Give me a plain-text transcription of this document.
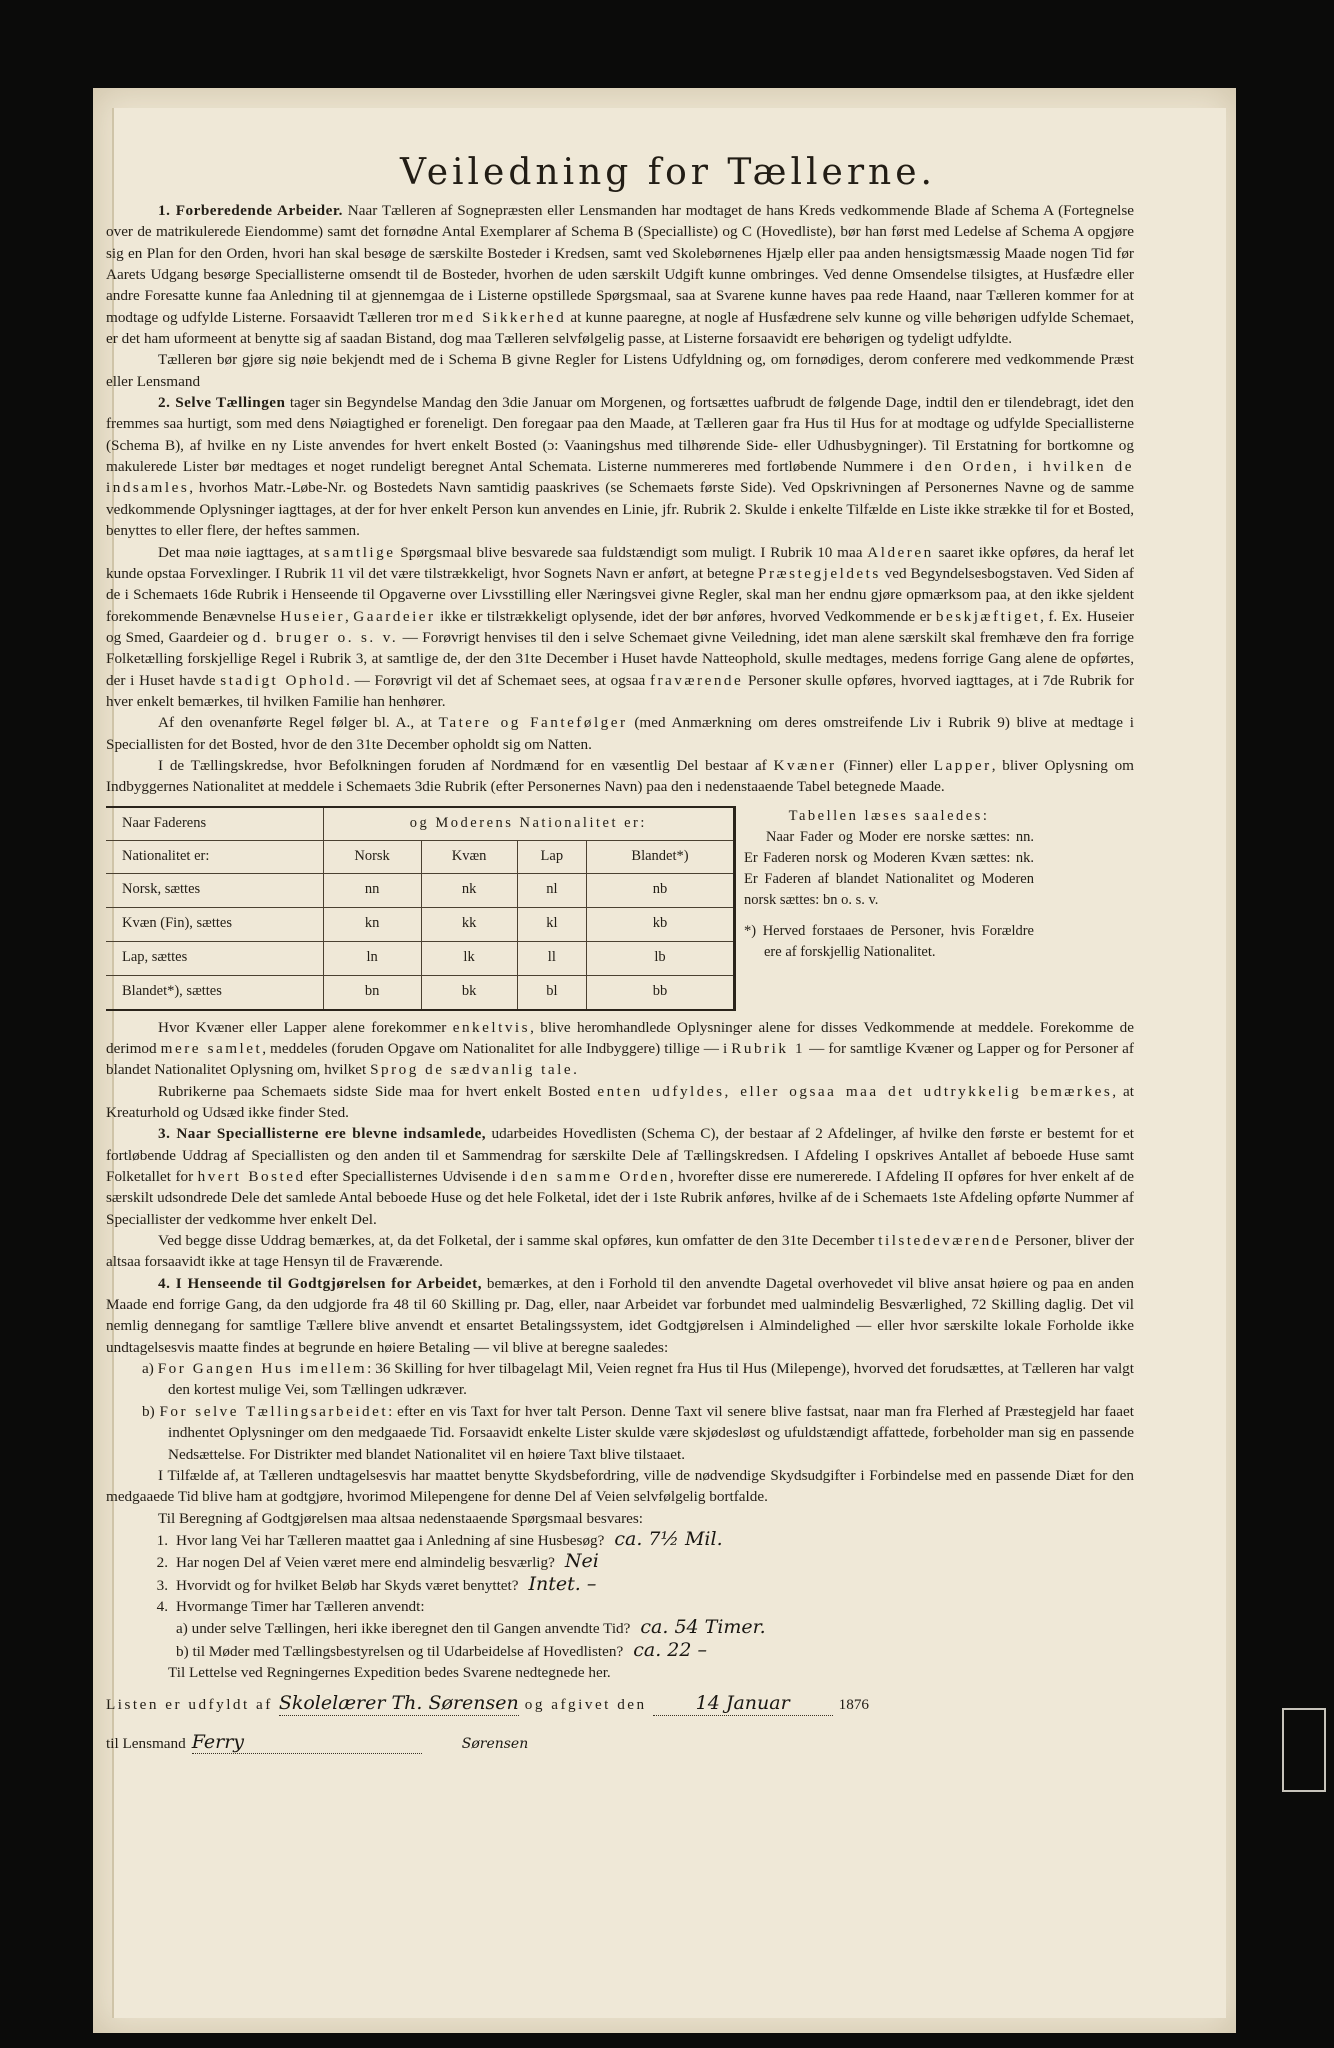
Veiledning for Tællerne.

1. Forberedende Arbeider. Naar Tælleren af Sognepræsten eller Lensmanden har modtaget de hans Kreds vedkommende Blade af Schema A (Fortegnelse over de matrikulerede Eiendomme) samt det fornødne Antal Exemplarer af Schema B (Specialliste) og C (Hovedliste), bør han først med Ledelse af Schema A opgjøre sig en Plan for den Orden, hvori han skal besøge de særskilte Bosteder i Kredsen, samt ved Skolebørnenes Hjælp eller paa anden hensigtsmæssig Maade nogen Tid før Aarets Udgang besørge Speciallisterne omsendt til de Bosteder, hvorhen de uden særskilt Udgift kunne ombringes. Ved denne Omsendelse tilsigtes, at Husfædre eller andre Foresatte kunne faa Anledning til at gjennemgaa de i Listerne opstillede Spørgsmaal, saa at Svarene kunne haves paa rede Haand, naar Tælleren kommer for at modtage og udfylde Listerne. Forsaavidt Tælleren tror med Sikkerhed at kunne paaregne, at nogle af Husfædrene selv kunne og ville behørigen udfylde Schemaet, er det ham uformeent at benytte sig af saadan Bistand, dog maa Tælleren selvfølgelig passe, at Listerne forsaavidt ere behørigen og tydeligt udfyldte.

Tælleren bør gjøre sig nøie bekjendt med de i Schema B givne Regler for Listens Udfyldning og, om fornødiges, derom conferere med vedkommende Præst eller Lensmand

2. Selve Tællingen tager sin Begyndelse Mandag den 3die Januar om Morgenen, og fortsættes uafbrudt de følgende Dage, indtil den er tilendebragt, idet den fremmes saa hurtigt, som med dens Nøiagtighed er foreneligt. Den foregaar paa den Maade, at Tælleren gaar fra Hus til Hus for at modtage og udfylde Speciallisterne (Schema B), af hvilke en ny Liste anvendes for hvert enkelt Bosted (ɔ: Vaaningshus med tilhørende Side- eller Udhusbygninger). Til Erstatning for bortkomne og makulerede Lister bør medtages et noget rundeligt beregnet Antal Schemata. Listerne nummereres med fortløbende Nummere i den Orden, i hvilken de indsamles, hvorhos Matr.-Løbe-Nr. og Bostedets Navn samtidig paaskrives (se Schemaets første Side). Ved Opskrivningen af Personernes Navne og de samme vedkommende Oplysninger iagttages, at der for hver enkelt Person kun anvendes en Linie, jfr. Rubrik 2. Skulde i enkelte Tilfælde en Liste ikke strække til for et Bosted, benyttes to eller flere, der heftes sammen.

Det maa nøie iagttages, at samtlige Spørgsmaal blive besvarede saa fuldstændigt som muligt. I Rubrik 10 maa Alderen saaret ikke opføres, da heraf let kunde opstaa Forvexlinger. I Rubrik 11 vil det være tilstrækkeligt, hvor Sognets Navn er anført, at betegne Præstegjeldets ved Begyndelsesbogstaven. Ved Siden af de i Schemaets 16de Rubrik i Henseende til Opgaverne over Livsstilling eller Næringsvei givne Regler, skal man her endnu gjøre opmærksom paa, at den ikke sjeldent forekommende Benævnelse Huseier, Gaardeier ikke er tilstrækkeligt oplysende, idet der bør anføres, hvorved Vedkommende er beskjæftiget, f. Ex. Huseier og Smed, Gaardeier og d. bruger o. s. v. — Forøvrigt henvises til den i selve Schemaet givne Veiledning, idet man alene særskilt skal fremhæve den fra forrige Folketælling forskjellige Regel i Rubrik 3, at samtlige de, der den 31te December i Huset havde Natteophold, skulle medtages, medens forrige Gang alene de opførtes, der i Huset havde stadigt Ophold. — Forøvrigt vil det af Schemaet sees, at ogsaa fraværende Personer skulle opføres, hvorved iagttages, at i 7de Rubrik for hver enkelt bemærkes, til hvilken Familie han henhører.

Af den ovenanførte Regel følger bl. A., at Tatere og Fantefølger (med Anmærkning om deres omstreifende Liv i Rubrik 9) blive at medtage i Speciallisten for det Bosted, hvor de den 31te December opholdt sig om Natten.

I de Tællingskredse, hvor Befolkningen foruden af Nordmænd for en væsentlig Del bestaar af Kvæner (Finner) eller Lapper, bliver Oplysning om Indbyggernes Nationalitet at meddele i Schemaets 3die Rubrik (efter Personernes Navn) paa den i nedenstaaende Tabel betegnede Maade.

Naar Faderens	og Moderens Nationalitet er:			
Nationalitet er:	Norsk	Kvæn	Lap	Blandet*)
Norsk, sættes	nn	nk	nl	nb
Kvæn (Fin), sættes	kn	kk	kl	kb
Lap, sættes	ln	lk	ll	lb
Blandet*), sættes	bn	bk	bl	bb

Tabellen læses saaledes:

Naar Fader og Moder ere norske sættes: nn. Er Faderen norsk og Moderen Kvæn sættes: nk. Er Faderen af blandet Nationalitet og Moderen norsk sættes: bn o. s. v.

*) Herved forstaaes de Personer, hvis Forældre ere af forskjellig Nationalitet.

Hvor Kvæner eller Lapper alene forekommer enkeltvis, blive heromhandlede Oplysninger alene for disses Vedkommende at meddele. Forekomme de derimod mere samlet, meddeles (foruden Opgave om Nationalitet for alle Indbyggere) tillige — i Rubrik 1 — for samtlige Kvæner og Lapper og for Personer af blandet Nationalitet Oplysning om, hvilket Sprog de sædvanlig tale.

Rubrikerne paa Schemaets sidste Side maa for hvert enkelt Bosted enten udfyldes, eller ogsaa maa det udtrykkelig bemærkes, at Kreaturhold og Udsæd ikke finder Sted.

3. Naar Speciallisterne ere blevne indsamlede, udarbeides Hovedlisten (Schema C), der bestaar af 2 Afdelinger, af hvilke den første er bestemt for et fortløbende Uddrag af Speciallisten og den anden til et Sammendrag for særskilte Dele af Tællingskredsen. I Afdeling I opskrives Antallet af beboede Huse samt Folketallet for hvert Bosted efter Speciallisternes Udvisende i den samme Orden, hvorefter disse ere numererede. I Afdeling II opføres for hver enkelt af de særskilt udsondrede Dele det samlede Antal beboede Huse og det hele Folketal, idet der i 1ste Rubrik anføres, hvilke af de i Schemaets 1ste Afdeling opførte Nummer af Speciallister der vedkomme hver enkelt Del.

Ved begge disse Uddrag bemærkes, at, da det Folketal, der i samme skal opføres, kun omfatter de den 31te December tilstedeværende Personer, bliver der altsaa forsaavidt ikke at tage Hensyn til de Fraværende.

4. I Henseende til Godtgjørelsen for Arbeidet, bemærkes, at den i Forhold til den anvendte Dagetal overhovedet vil blive ansat høiere og paa en anden Maade end forrige Gang, da den udgjorde fra 48 til 60 Skilling pr. Dag, eller, naar Arbeidet var forbundet med ualmindelig Besværlighed, 72 Skilling daglig. Det vil nemlig dennegang for samtlige Tællere blive anvendt et ensartet Betalingssystem, idet Godtgjørelsen i Almindelighed — eller hvor særskilte lokale Forholde ikke undtagelsesvis maatte findes at begrunde en høiere Betaling — vil blive at beregne saaledes:

a) For Gangen Hus imellem: 36 Skilling for hver tilbagelagt Mil, Veien regnet fra Hus til Hus (Milepenge), hvorved det forudsættes, at Tælleren har valgt den kortest mulige Vei, som Tællingen udkræver.

b) For selve Tællingsarbeidet: efter en vis Taxt for hver talt Person. Denne Taxt vil senere blive fastsat, naar man fra Flerhed af Præstegjeld har faaet indhentet Oplysninger om den medgaaede Tid. Forsaavidt enkelte Lister skulde være skjødesløst og ufuldstændigt affattede, forbeholder man sig en passende Nedsættelse. For Distrikter med blandet Nationalitet vil en høiere Taxt blive tilstaaet.

I Tilfælde af, at Tælleren undtagelsesvis har maattet benytte Skydsbefordring, ville de nødvendige Skydsudgifter i Forbindelse med en passende Diæt for den medgaaede Tid blive ham at godtgjøre, hvorimod Milepengene for denne Del af Veien selvfølgelig bortfalde.

Til Beregning af Godtgjørelsen maa altsaa nedenstaaende Spørgsmaal besvares:

1. Hvor lang Vei har Tælleren maattet gaa i Anledning af sine Husbesøg? ca. 7½ Mil.
2. Har nogen Del af Veien været mere end almindelig besværlig? Nei
3. Hvorvidt og for hvilket Beløb har Skyds været benyttet? Intet. –
4. Hvormange Timer har Tælleren anvendt:
a) under selve Tællingen, heri ikke iberegnet den til Gangen anvendte Tid? ca. 54 Timer.
b) til Møder med Tællingsbestyrelsen og til Udarbeidelse af Hovedlisten? ca. 22 –

Til Lettelse ved Regningernes Expedition bedes Svarene nedtegnede her.

Listen er udfyldt af Skolelærer Th. Sørensen og afgivet den	14 Januar	1876
til Lensmand Ferry	Sørensen
